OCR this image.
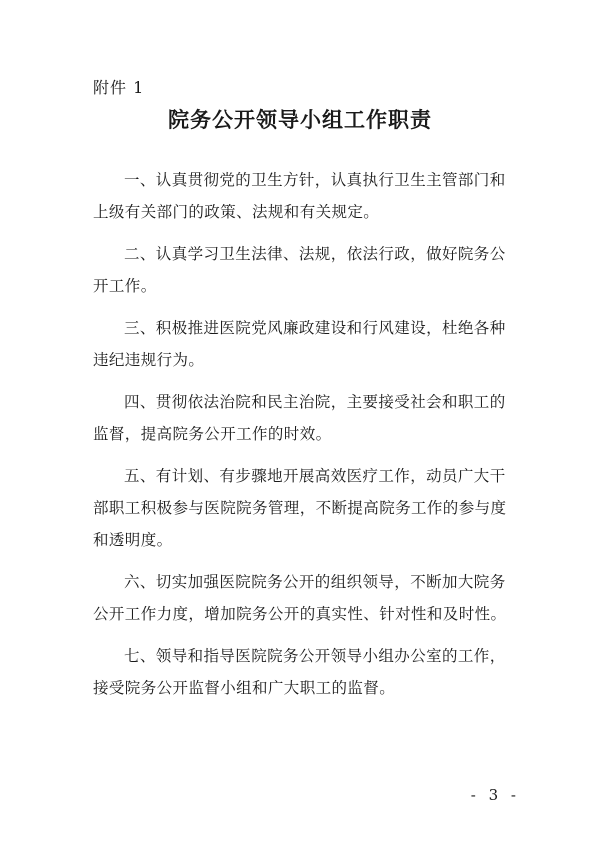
附件 1
院务公开领导小组工作职责

一、认真贯彻党的卫生方针，认真执行卫生主管部门和上级有关部门的政策、法规和有关规定。

二、认真学习卫生法律、法规，依法行政，做好院务公开工作。

三、积极推进医院党风廉政建设和行风建设，杜绝各种违纪违规行为。

四、贯彻依法治院和民主治院，主要接受社会和职工的监督，提高院务公开工作的时效。

五、有计划、有步骤地开展高效医疗工作，动员广大干部职工积极参与医院院务管理，不断提高院务工作的参与度和透明度。

六、切实加强医院院务公开的组织领导，不断加大院务公开工作力度，增加院务公开的真实性、针对性和及时性。

七、领导和指导医院院务公开领导小组办公室的工作，接受院务公开监督小组和广大职工的监督。

- 3 -
